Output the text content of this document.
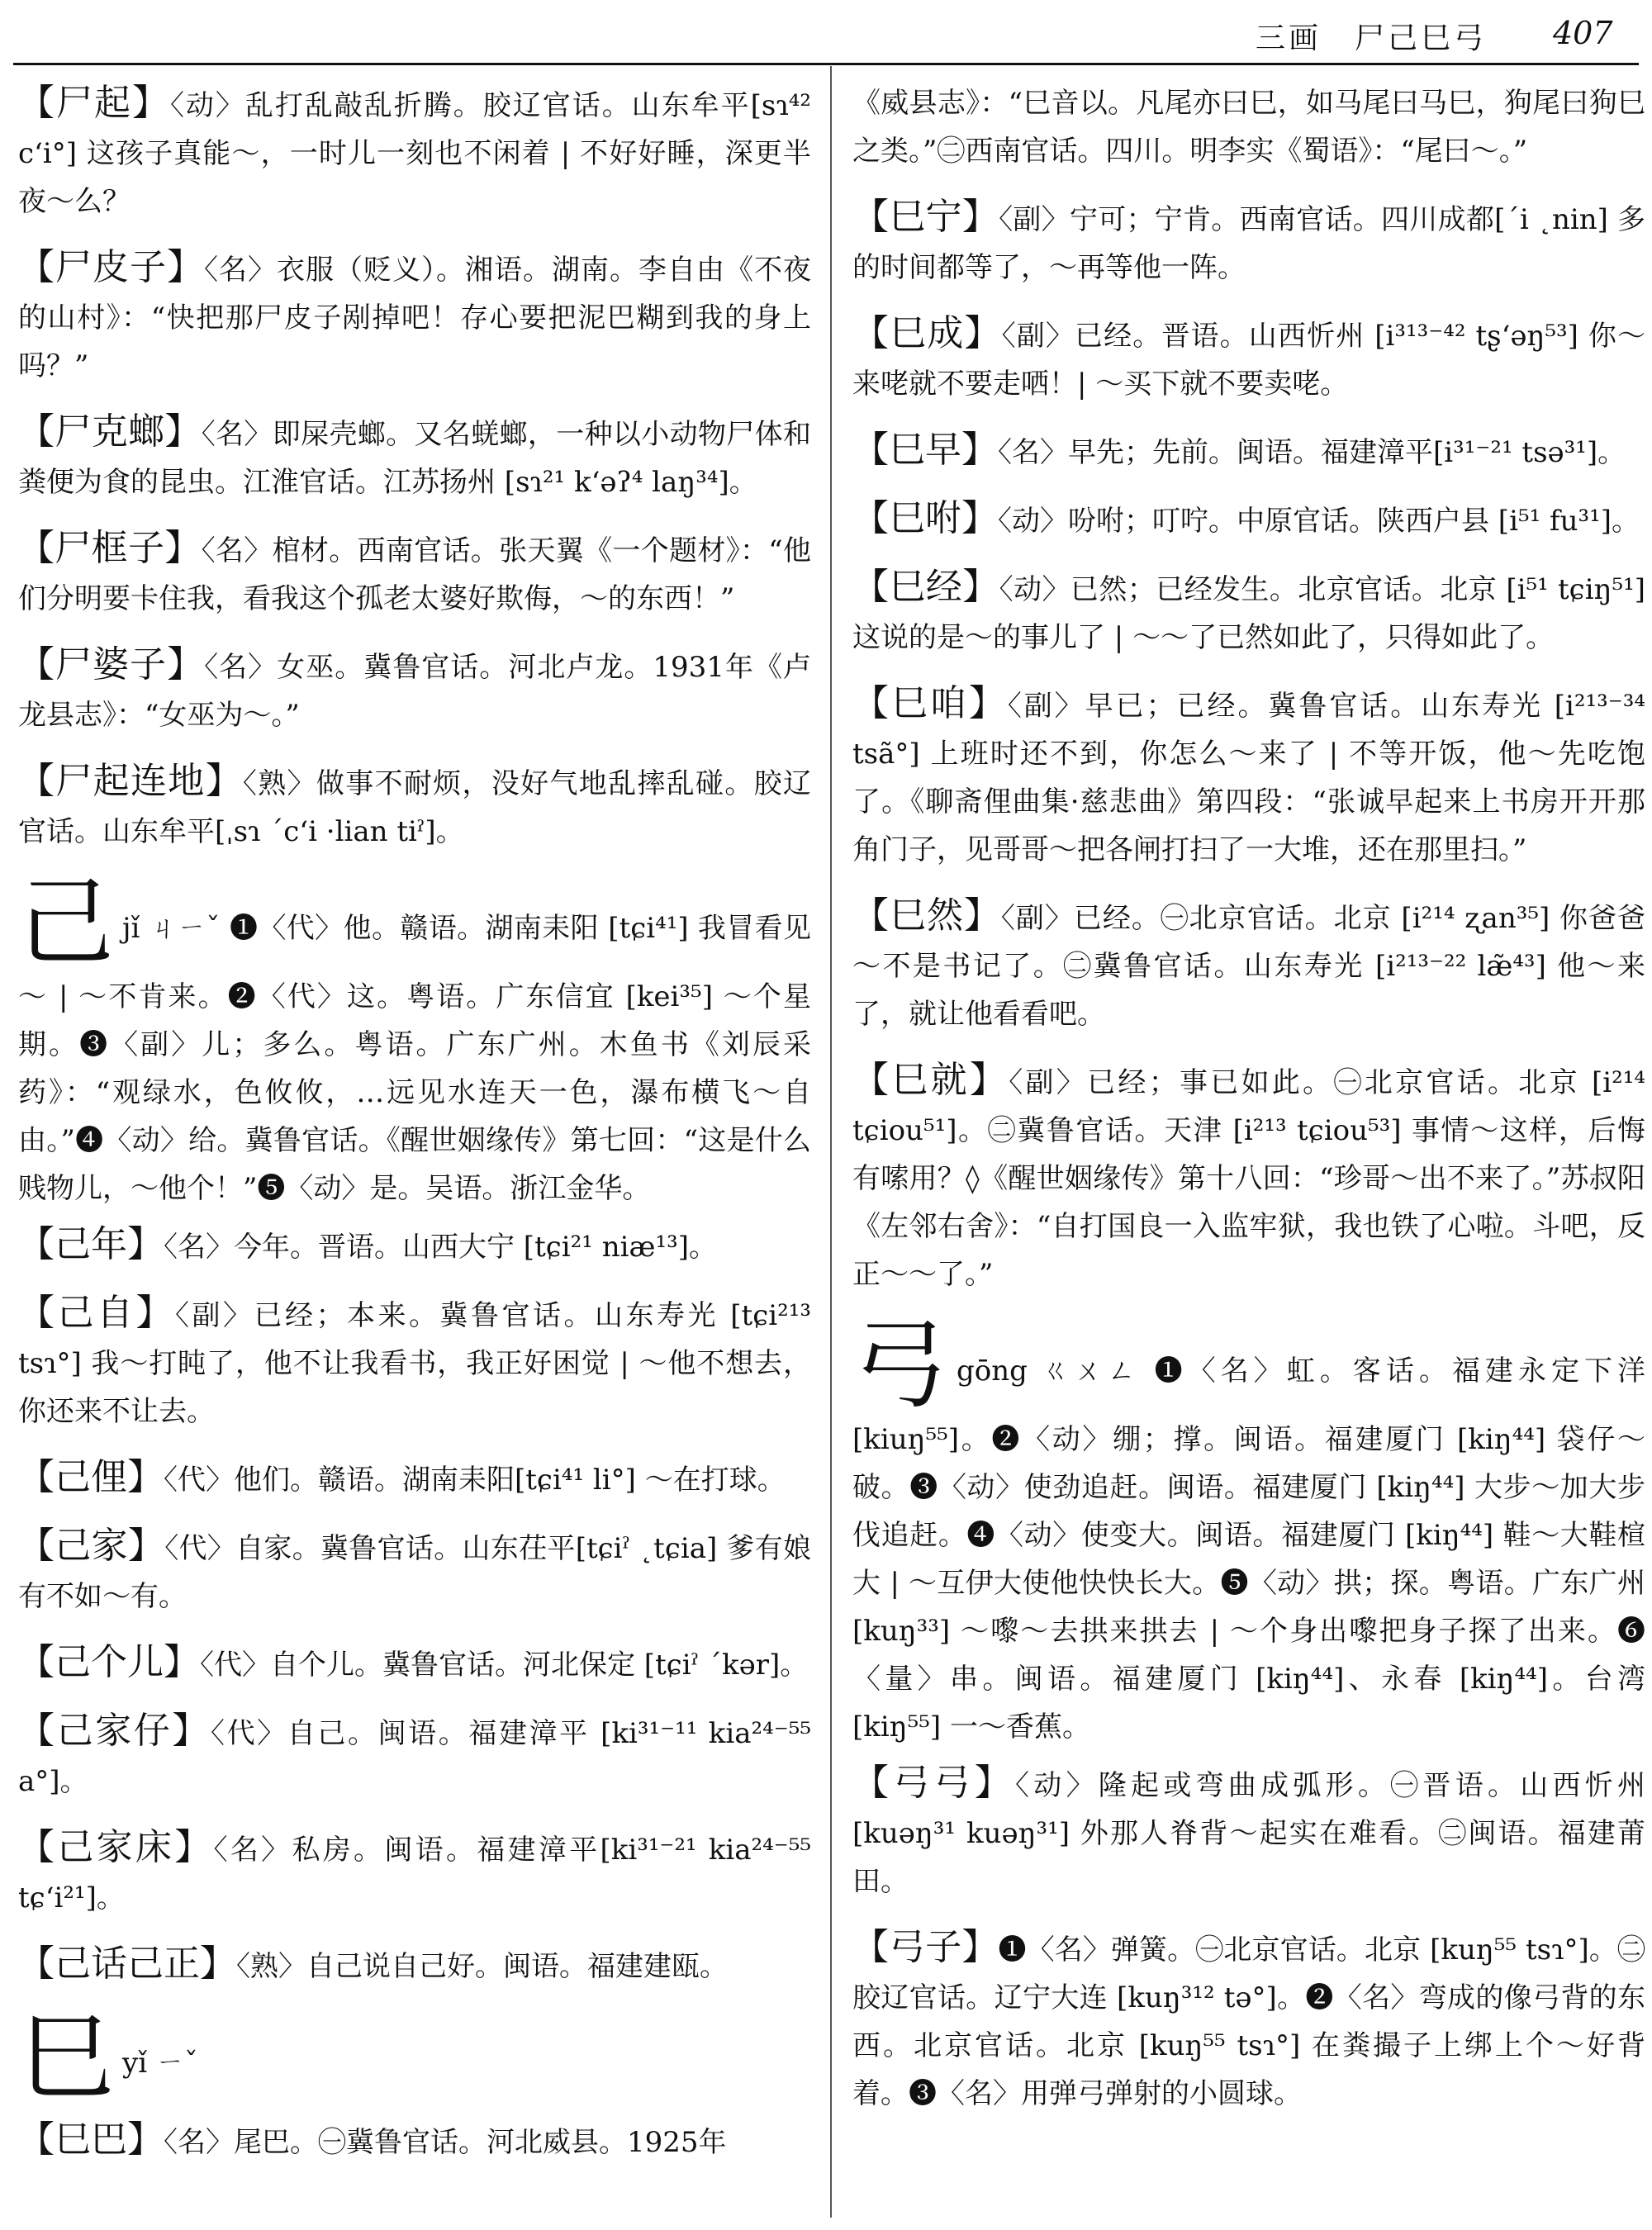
三画　尸己巳弓 407
【尸起】〈动〉乱打乱敲乱折腾。胶辽官话。山东牟平[sɿ⁴² cʻi°] 这孩子真能～，一时儿一刻也不闲着 | 不好好睡，深更半夜～么？
【尸皮子】〈名〉衣服（贬义）。湘语。湖南。李自由《不夜的山村》：“快把那尸皮子剐掉吧！存心要把泥巴糊到我的身上吗？”
【尸克螂】〈名〉即屎壳螂。又名蜣螂，一种以小动物尸体和粪便为食的昆虫。江淮官话。江苏扬州 [sɿ²¹ kʻəʔ⁴ laŋ³⁴]。
【尸框子】〈名〉棺材。西南官话。张天翼《一个题材》：“他们分明要卡住我，看我这个孤老太婆好欺侮，～的东西！”
【尸婆子】〈名〉女巫。冀鲁官话。河北卢龙。1931年《卢龙县志》：“女巫为～。”
【尸起连地】〈熟〉做事不耐烦，没好气地乱摔乱碰。胶辽官话。山东牟平[ˌsɿ ˊcʻi ·lian tiˀ]。
己jǐ ㄐㄧˇ ❶〈代〉他。赣语。湖南耒阳 [tɕi⁴¹] 我冒看见～ | ～不肯来。❷〈代〉这。粤语。广东信宜 [kei³⁵] ～个星期。❸〈副〉儿；多么。粤语。广东广州。木鱼书《刘辰采药》：“观绿水，色攸攸，…远见水连天一色，瀑布横飞～自由。”❹〈动〉给。冀鲁官话。《醒世姻缘传》第七回：“这是什么贱物儿，～他个！”❺〈动〉是。吴语。浙江金华。
【己年】〈名〉今年。晋语。山西大宁 [tɕi²¹ niæ¹³]。
【己自】〈副〉已经；本来。冀鲁官话。山东寿光 [tɕi²¹³ tsɿ°] 我～打盹了，他不让我看书，我正好困觉 | ～他不想去，你还来不让去。
【己俚】〈代〉他们。赣语。湖南耒阳[tɕi⁴¹ li°] ～在打球。
【己家】〈代〉自家。冀鲁官话。山东茌平[tɕiˀ ˛tɕia] 爹有娘有不如～有。
【己个儿】〈代〉自个儿。冀鲁官话。河北保定 [tɕiˀ ˊkər]。
【己家仔】〈代〉自己。闽语。福建漳平 [ki³¹⁻¹¹ kia²⁴⁻⁵⁵ a°]。
【己家床】〈名〉私房。闽语。福建漳平[ki³¹⁻²¹ kia²⁴⁻⁵⁵ tɕʻi²¹]。
【己话己正】〈熟〉自己说自己好。闽语。福建建瓯。
巳yǐ ㄧˇ
【巳巴】〈名〉尾巴。㊀冀鲁官话。河北威县。1925年
《威县志》：“巳音以。凡尾亦曰巳，如马尾曰马巳，狗尾曰狗巳之类。”㊁西南官话。四川。明李实《蜀语》：“尾曰～。”
【巳宁】〈副〉宁可；宁肯。西南官话。四川成都[ˊi ˛nin] 多的时间都等了，～再等他一阵。
【巳成】〈副〉已经。晋语。山西忻州 [i³¹³⁻⁴² tʂʻəŋ⁵³] 你～来咾就不要走哂！| ～买下就不要卖咾。
【巳早】〈名〉早先；先前。闽语。福建漳平[i³¹⁻²¹ tsə³¹]。
【巳咐】〈动〉吩咐；叮咛。中原官话。陕西户县 [i⁵¹ fu³¹]。
【巳经】〈动〉已然；已经发生。北京官话。北京 [i⁵¹ tɕiŋ⁵¹] 这说的是～的事儿了 | ～～了已然如此了，只得如此了。
【巳咱】〈副〉早已；已经。冀鲁官话。山东寿光 [i²¹³⁻³⁴ tsã°] 上班时还不到，你怎么～来了 | 不等开饭，他～先吃饱了。《聊斋俚曲集·慈悲曲》第四段：“张诚早起来上书房开开那角门子，见哥哥～把各闸打扫了一大堆，还在那里扫。”
【巳然】〈副〉已经。㊀北京官话。北京 [i²¹⁴ ʐan³⁵] 你爸爸～不是书记了。㊁冀鲁官话。山东寿光 [i²¹³⁻²² læ̃⁴³] 他～来了，就让他看看吧。
【巳就】〈副〉已经；事已如此。㊀北京官话。北京 [i²¹⁴ tɕiou⁵¹]。㊁冀鲁官话。天津 [i²¹³ tɕiou⁵³] 事情～这样，后悔有嗦用？◊《醒世姻缘传》第十八回：“珍哥～出不来了。”苏叔阳《左邻右舍》：“自打国良一入监牢狱，我也铁了心啦。斗吧，反正～～了。”
弓gōng ㄍㄨㄥ ❶〈名〉虹。客话。福建永定下洋[kiuŋ⁵⁵]。❷〈动〉绷；撑。闽语。福建厦门 [kiŋ⁴⁴] 袋仔～破。❸〈动〉使劲追赶。闽语。福建厦门 [kiŋ⁴⁴] 大步～加大步伐追赶。❹〈动〉使变大。闽语。福建厦门 [kiŋ⁴⁴] 鞋～大鞋楦大 | ～互伊大使他快快长大。❺〈动〉拱；探。粤语。广东广州 [kuŋ³³] ～嚟～去拱来拱去 | ～个身出嚟把身子探了出来。❻〈量〉串。闽语。福建厦门 [kiŋ⁴⁴]、永春 [kiŋ⁴⁴]。台湾 [kiŋ⁵⁵] 一～香蕉。
【弓弓】〈动〉隆起或弯曲成弧形。㊀晋语。山西忻州 [kuəŋ³¹ kuəŋ³¹] 外那人脊背～起实在难看。㊁闽语。福建莆田。
【弓子】❶〈名〉弹簧。㊀北京官话。北京 [kuŋ⁵⁵ tsɿ°]。㊁胶辽官话。辽宁大连 [kuŋ³¹² tə°]。❷〈名〉弯成的像弓背的东西。北京官话。北京 [kuŋ⁵⁵ tsɿ°] 在粪撮子上绑上个～好背着。❸〈名〉用弹弓弹射的小圆球。
